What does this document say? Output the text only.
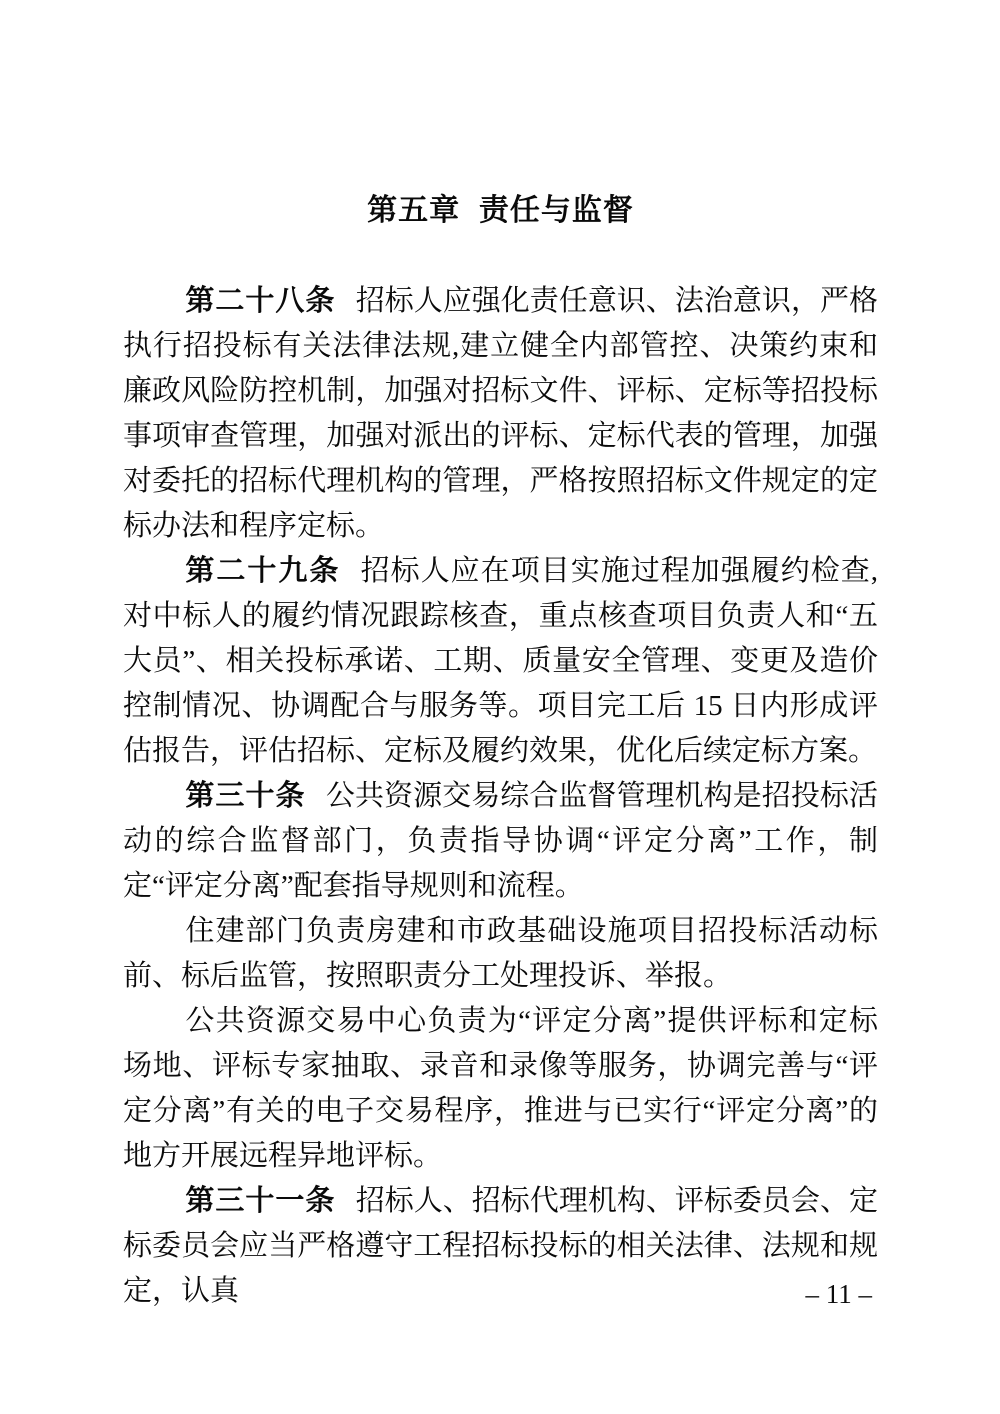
第五章  责任与监督

第二十八条 招标人应强化责任意识、法治意识，严格执行招投标有关法律法规,建立健全内部管控、决策约束和廉政风险防控机制，加强对招标文件、评标、定标等招投标事项审查管理，加强对派出的评标、定标代表的管理，加强对委托的招标代理机构的管理，严格按照招标文件规定的定标办法和程序定标。

第二十九条 招标人应在项目实施过程加强履约检查,对中标人的履约情况跟踪核查，重点核查项目负责人和“五大员”、相关投标承诺、工期、质量安全管理、变更及造价控制情况、协调配合与服务等。项目完工后 15 日内形成评估报告，评估招标、定标及履约效果，优化后续定标方案。

第三十条 公共资源交易综合监督管理机构是招投标活动的综合监督部门，负责指导协调“评定分离”工作，制定“评定分离”配套指导规则和流程。

住建部门负责房建和市政基础设施项目招投标活动标前、标后监管，按照职责分工处理投诉、举报。

公共资源交易中心负责为“评定分离”提供评标和定标场地、评标专家抽取、录音和录像等服务，协调完善与“评定分离”有关的电子交易程序，推进与已实行“评定分离”的地方开展远程异地评标。

第三十一条 招标人、招标代理机构、评标委员会、定标委员会应当严格遵守工程招标投标的相关法律、法规和规定，认真	– 11 –
